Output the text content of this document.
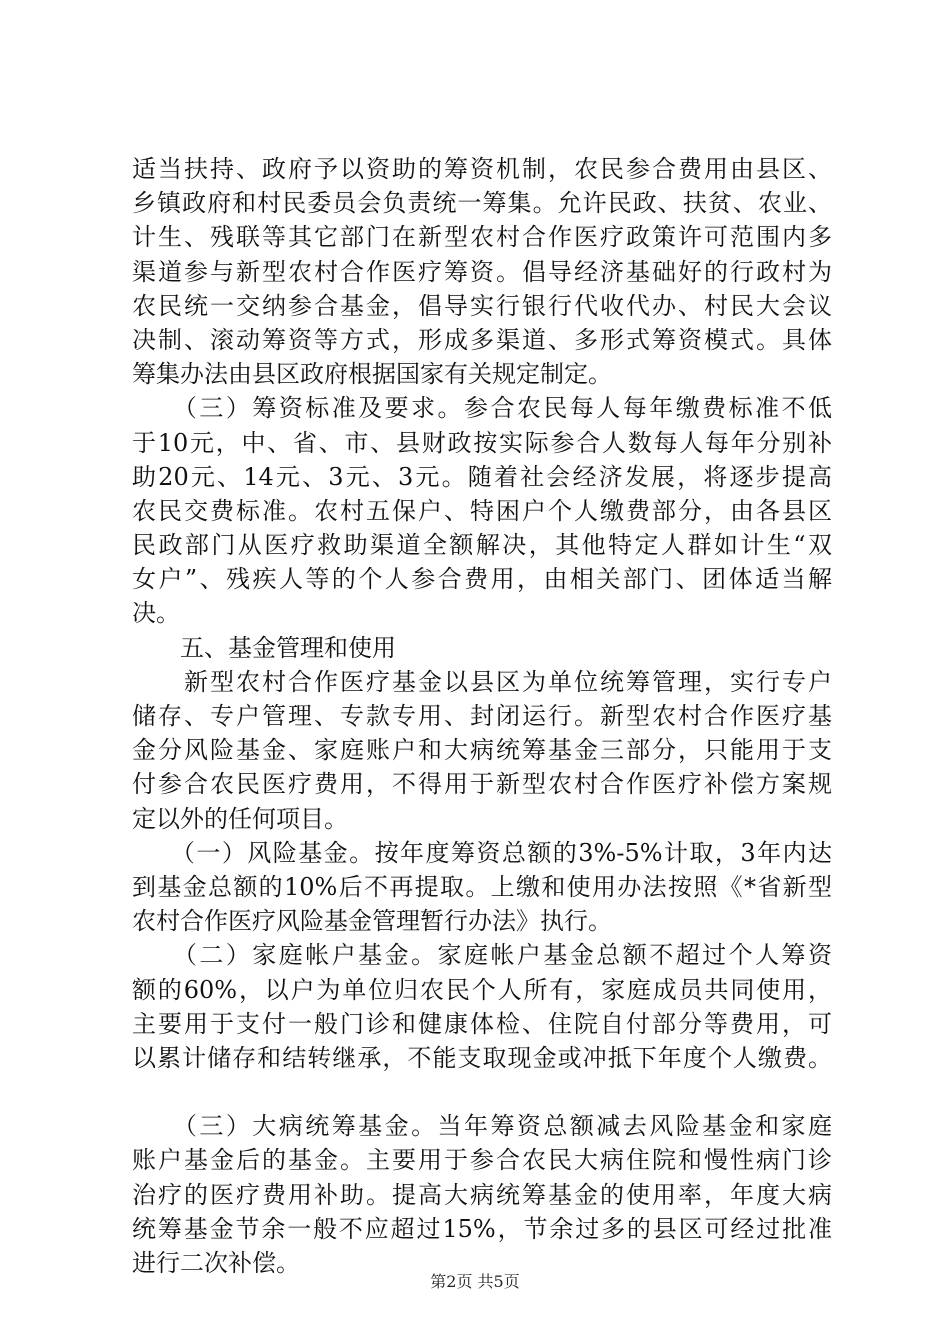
适当扶持、政府予以资助的筹资机制，农民参合费用由县区、
乡镇政府和村民委员会负责统一筹集。允许民政、扶贫、农业、
计生、残联等其它部门在新型农村合作医疗政策许可范围内多
渠道参与新型农村合作医疗筹资。倡导经济基础好的行政村为
农民统一交纳参合基金，倡导实行银行代收代办、村民大会议
决制、滚动筹资等方式，形成多渠道、多形式筹资模式。具体
筹集办法由县区政府根据国家有关规定制定。
　　（三）筹资标准及要求。参合农民每人每年缴费标准不低
于10元，中、省、市、县财政按实际参合人数每人每年分别补
助20元、14元、3元、3元。随着社会经济发展，将逐步提高
农民交费标准。农村五保户、特困户个人缴费部分，由各县区
民政部门从医疗救助渠道全额解决，其他特定人群如计生“双
女户”、残疾人等的个人参合费用，由相关部门、团体适当解
决。
　　五、基金管理和使用
　　新型农村合作医疗基金以县区为单位统筹管理，实行专户
储存、专户管理、专款专用、封闭运行。新型农村合作医疗基
金分风险基金、家庭账户和大病统筹基金三部分，只能用于支
付参合农民医疗费用，不得用于新型农村合作医疗补偿方案规
定以外的任何项目。
　　（一）风险基金。按年度筹资总额的3%-5%计取，3年内达
到基金总额的10%后不再提取。上缴和使用办法按照《*省新型
农村合作医疗风险基金管理暂行办法》执行。
　　（二）家庭帐户基金。家庭帐户基金总额不超过个人筹资
额的60%，以户为单位归农民个人所有，家庭成员共同使用，
主要用于支付一般门诊和健康体检、住院自付部分等费用，可
以累计储存和结转继承，不能支取现金或冲抵下年度个人缴费。
　　（三）大病统筹基金。当年筹资总额减去风险基金和家庭
账户基金后的基金。主要用于参合农民大病住院和慢性病门诊
治疗的医疗费用补助。提高大病统筹基金的使用率，年度大病
统筹基金节余一般不应超过15%，节余过多的县区可经过批准
进行二次补偿。
第2页 共5页
